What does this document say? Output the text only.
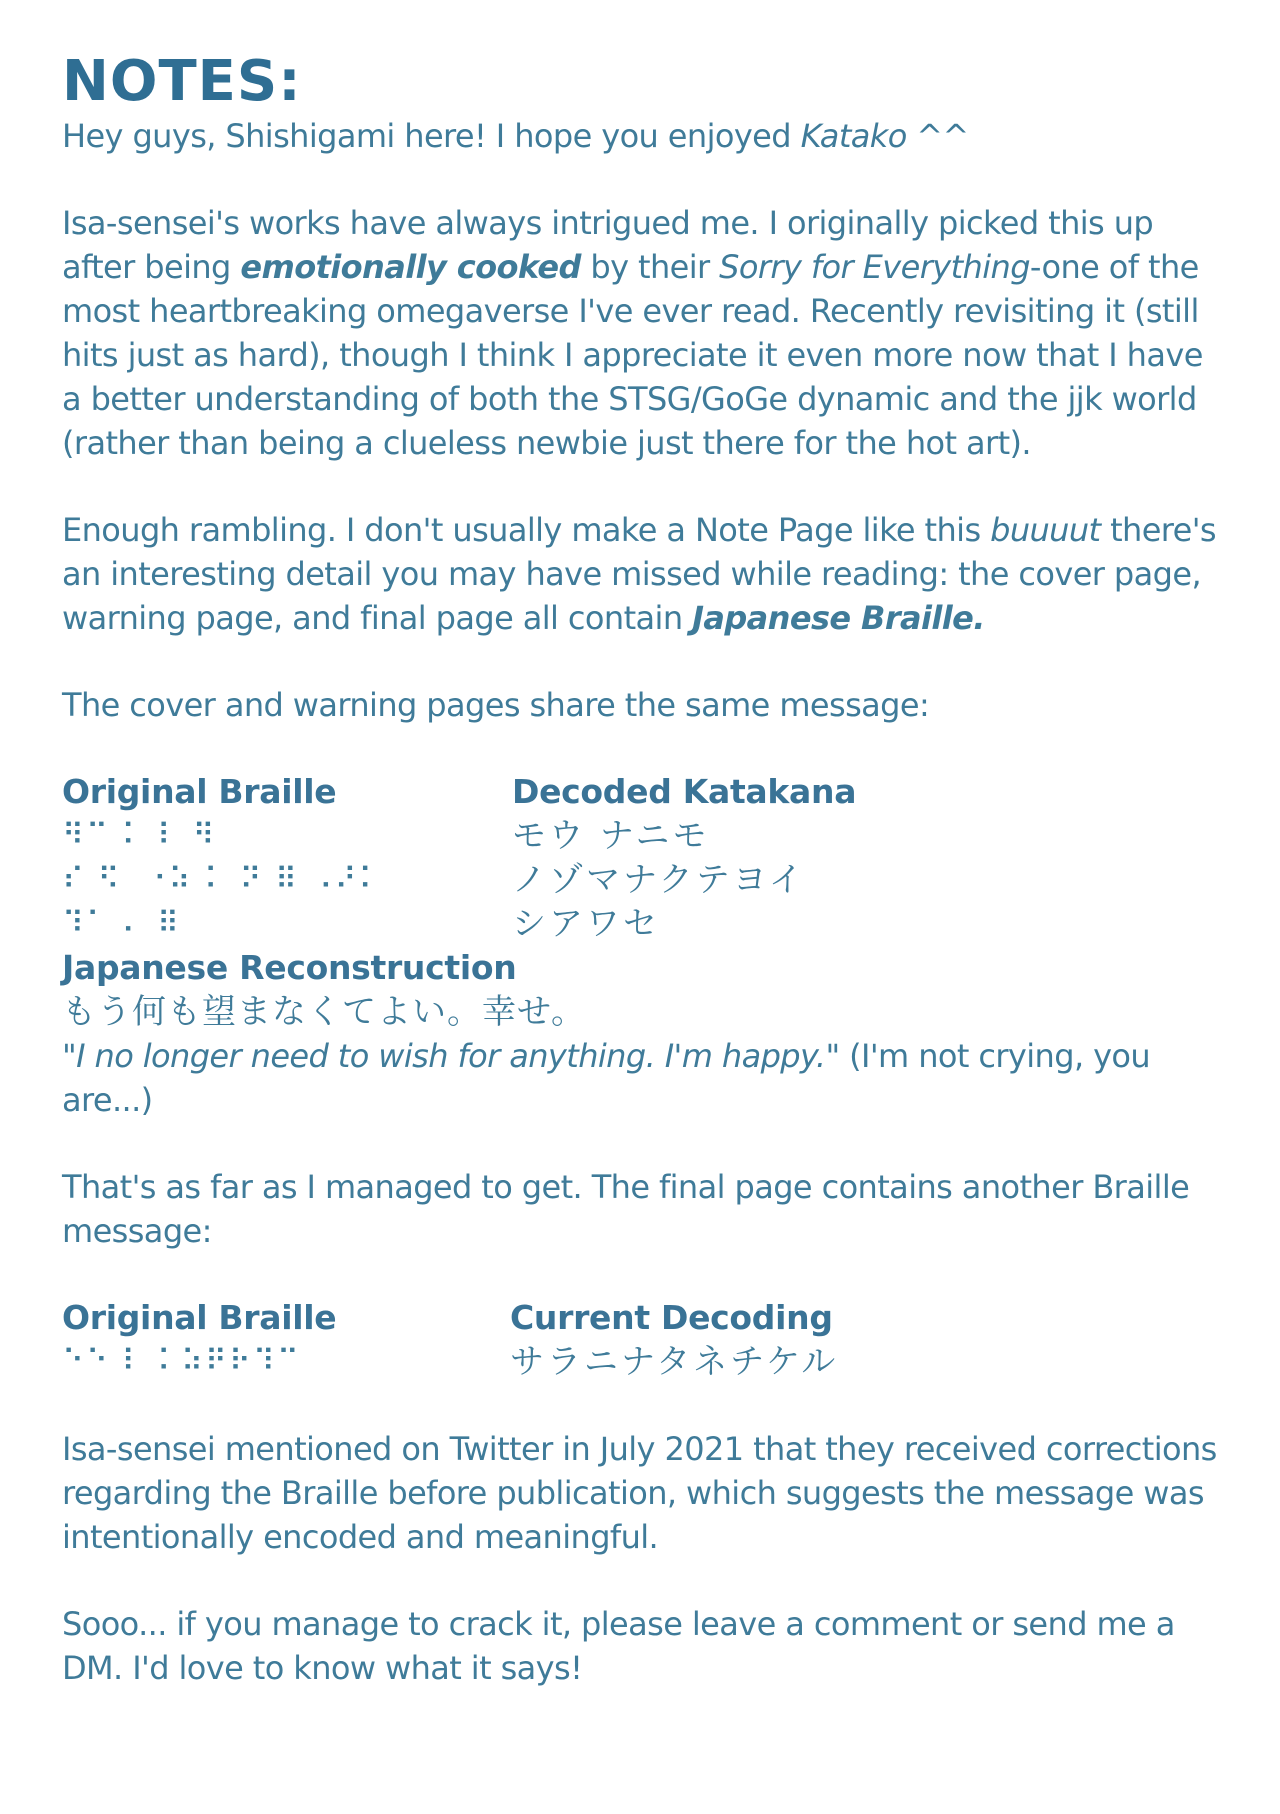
NOTES:

Hey guys, Shishigami here! I hope you enjoyed Katako ^^

Isa-sensei's works have always intrigued me. I originally picked this up after being emotionally cooked by their Sorry for Everything-one of the most heartbreaking omegaverse I've ever read. Recently revisiting it (still hits just as hard), though I think I appreciate it even more now that I have a better understanding of both the STSG/GoGe dynamic and the jjk world (rather than being a clueless newbie just there for the hot art).

Enough rambling. I don't usually make a Note Page like this buuuut there's an interesting detail you may have missed while reading: the cover page, warning page, and final page all contain Japanese Braille.

The cover and warning pages share the same message:

Original Braille
⠻⠉ ⠅ ⠇ ⠻
⠎ ⠫  ⠐⠵ ⠅ ⠝ ⠿ ⠠⠜⠅
⠹⠁ ⠄ ⠿
Decoded Katakana
モウ ナニモ
ノゾマナクテヨイ
シアワセ
Japanese Reconstruction
もう何も望まなくてよい。幸せ。

"I no longer need to wish for anything. I'm happy." (I'm not crying, you are...)

That's as far as I managed to get. The final page contains another Braille message:

Original Braille
⠑⠑ ⠇ ⠅⠵⠟⠗⠹⠉
Current Decoding
サラニナタネチケル

Isa-sensei mentioned on Twitter in July 2021 that they received corrections regarding the Braille before publication, which suggests the message was intentionally encoded and meaningful.

Sooo... if you manage to crack it, please leave a comment or send me a DM. I'd love to know what it says!
